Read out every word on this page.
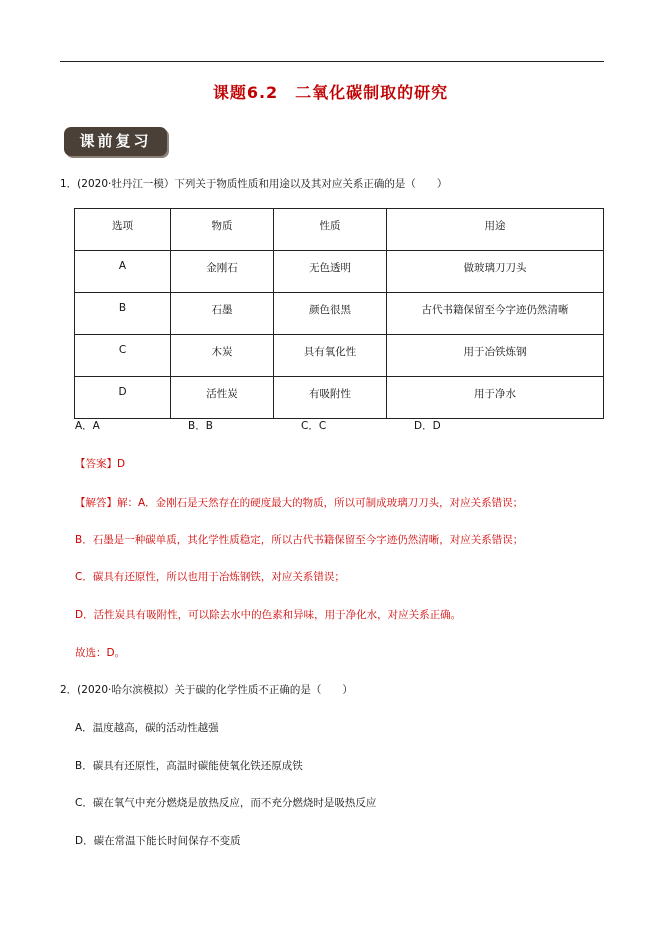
课题6.2　二氧化碳制取的研究
课前复习
1．(2020·牡丹江一模）下列关于物质性质和用途以及其对应关系正确的是（　　）
选项	物质	性质	用途
A	金刚石	无色透明	做玻璃刀刀头
B	石墨	颜色很黑	古代书籍保留至今字迹仍然清晰
C	木炭	具有氧化性	用于冶铁炼钢
D	活性炭	有吸附性	用于净水
A．A	B．B	C．C	D．D
【答案】D
【解答】解：A．金刚石是天然存在的硬度最大的物质，所以可制成玻璃刀刀头，对应关系错误；
B．石墨是一种碳单质，其化学性质稳定，所以古代书籍保留至今字迹仍然清晰，对应关系错误；
C．碳具有还原性，所以也用于冶炼钢铁，对应关系错误；
D．活性炭具有吸附性，可以除去水中的色素和异味，用于净化水，对应关系正确。
故选：D。
2．(2020·哈尔滨模拟）关于碳的化学性质不正确的是（　　）
A．温度越高，碳的活动性越强
B．碳具有还原性，高温时碳能使氧化铁还原成铁
C．碳在氧气中充分燃烧是放热反应，而不充分燃烧时是吸热反应
D．碳在常温下能长时间保存不变质
